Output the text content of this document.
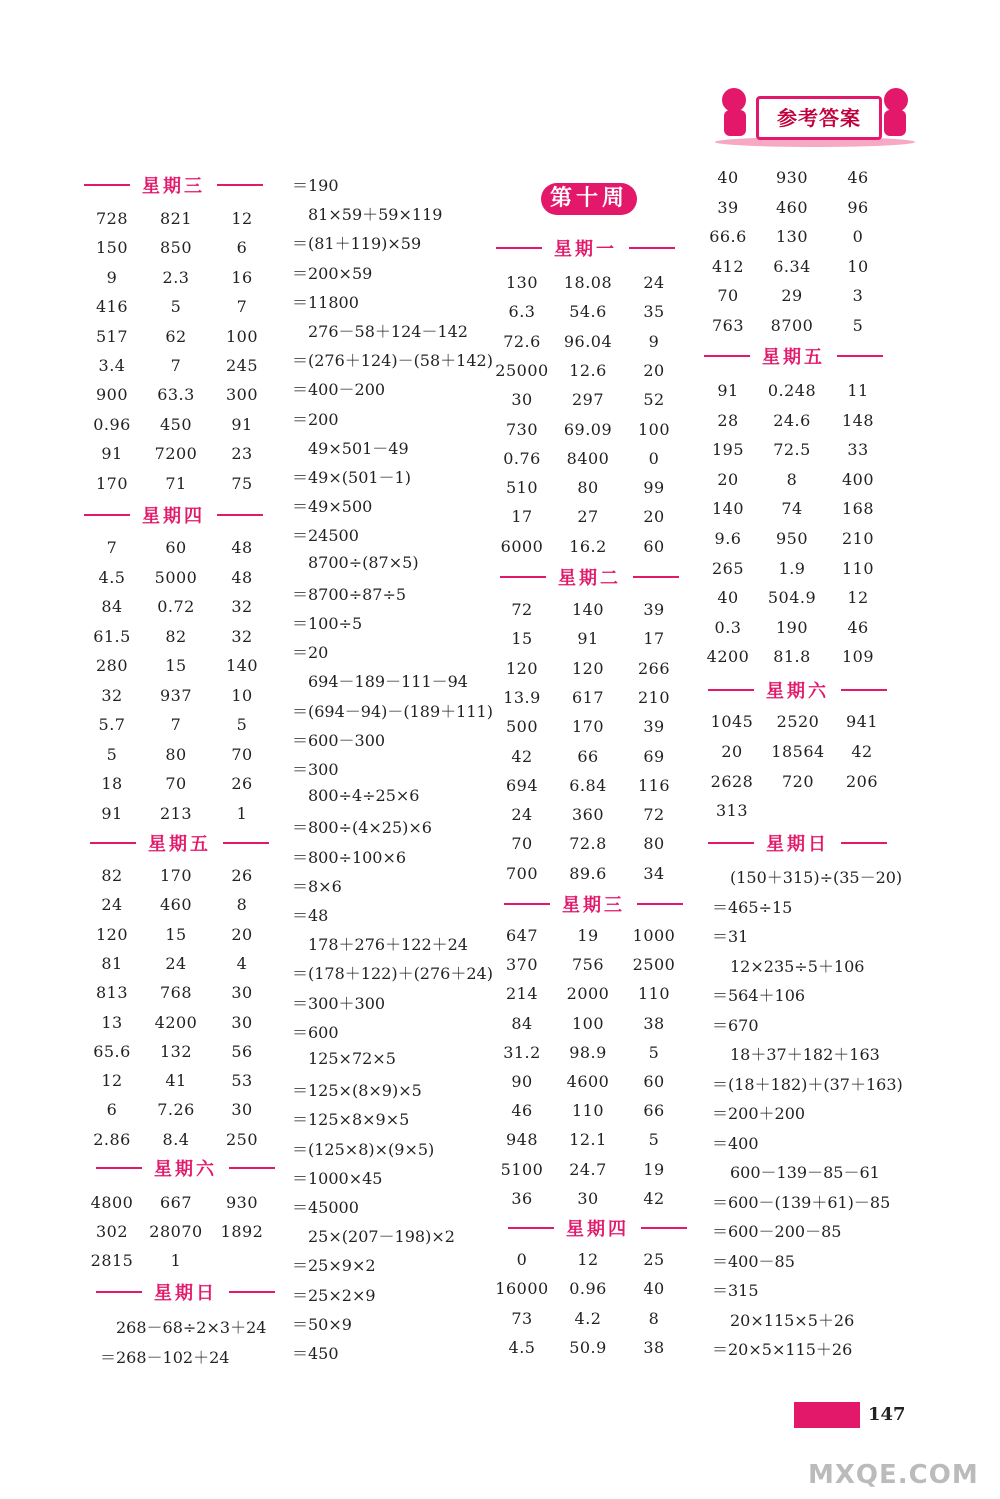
参考答案
第十周
星期三
728	821	12
150	850	6
9	2.3	16
416	5	7
517	62	100
3.4	7	245
900	63.3	300
0.96	450	91
91	7200	23
170	71	75
星期四
7	60	48
4.5	5000	48
84	0.72	32
61.5	82	32
280	15	140
32	937	10
5.7	7	5
5	80	70
18	70	26
91	213	1
星期五
82	170	26
24	460	8
120	15	20
81	24	4
813	768	30
13	4200	30
65.6	132	56
12	41	53
6	7.26	30
2.86	8.4	250
星期六
4800	667	930
302	28070	1892
2815	1
星期日
268－68÷2×3＋24
＝268－102＋24
＝190
81×59＋59×119
＝(81＋119)×59
＝200×59
＝11800
276－58＋124－142
＝(276＋124)－(58＋142)
＝400－200
＝200
49×501－49
＝49×(501－1)
＝49×500
＝24500
8700÷(87×5)
＝8700÷87÷5
＝100÷5
＝20
694－189－111－94
＝(694－94)－(189＋111)
＝600－300
＝300
800÷4÷25×6
＝800÷(4×25)×6
＝800÷100×6
＝8×6
＝48
178＋276＋122＋24
＝(178＋122)＋(276＋24)
＝300＋300
＝600
125×72×5
＝125×(8×9)×5
＝125×8×9×5
＝(125×8)×(9×5)
＝1000×45
＝45000
25×(207－198)×2
＝25×9×2
＝25×2×9
＝50×9
＝450
星期一
130	18.08	24
6.3	54.6	35
72.6	96.04	9
25000	12.6	20
30	297	52
730	69.09	100
0.76	8400	0
510	80	99
17	27	20
6000	16.2	60
星期二
72	140	39
15	91	17
120	120	266
13.9	617	210
500	170	39
42	66	69
694	6.84	116
24	360	72
70	72.8	80
700	89.6	34
星期三
647	19	1000
370	756	2500
214	2000	110
84	100	38
31.2	98.9	5
90	4600	60
46	110	66
948	12.1	5
5100	24.7	19
36	30	42
星期四
0	12	25
16000	0.96	40
73	4.2	8
4.5	50.9	38
40	930	46
39	460	96
66.6	130	0
412	6.34	10
70	29	3
763	8700	5
星期五
91	0.248	11
28	24.6	148
195	72.5	33
20	8	400
140	74	168
9.6	950	210
265	1.9	110
40	504.9	12
0.3	190	46
4200	81.8	109
星期六
1045	2520	941
20	18564	42
2628	720	206
313
星期日
(150＋315)÷(35－20)
＝465÷15
＝31
12×235÷5＋106
＝564＋106
＝670
18＋37＋182＋163
＝(18＋182)＋(37＋163)
＝200＋200
＝400
600－139－85－61
＝600－(139＋61)－85
＝600－200－85
＝400－85
＝315
20×115×5＋26
＝20×5×115＋26
147
MXQE.COM
